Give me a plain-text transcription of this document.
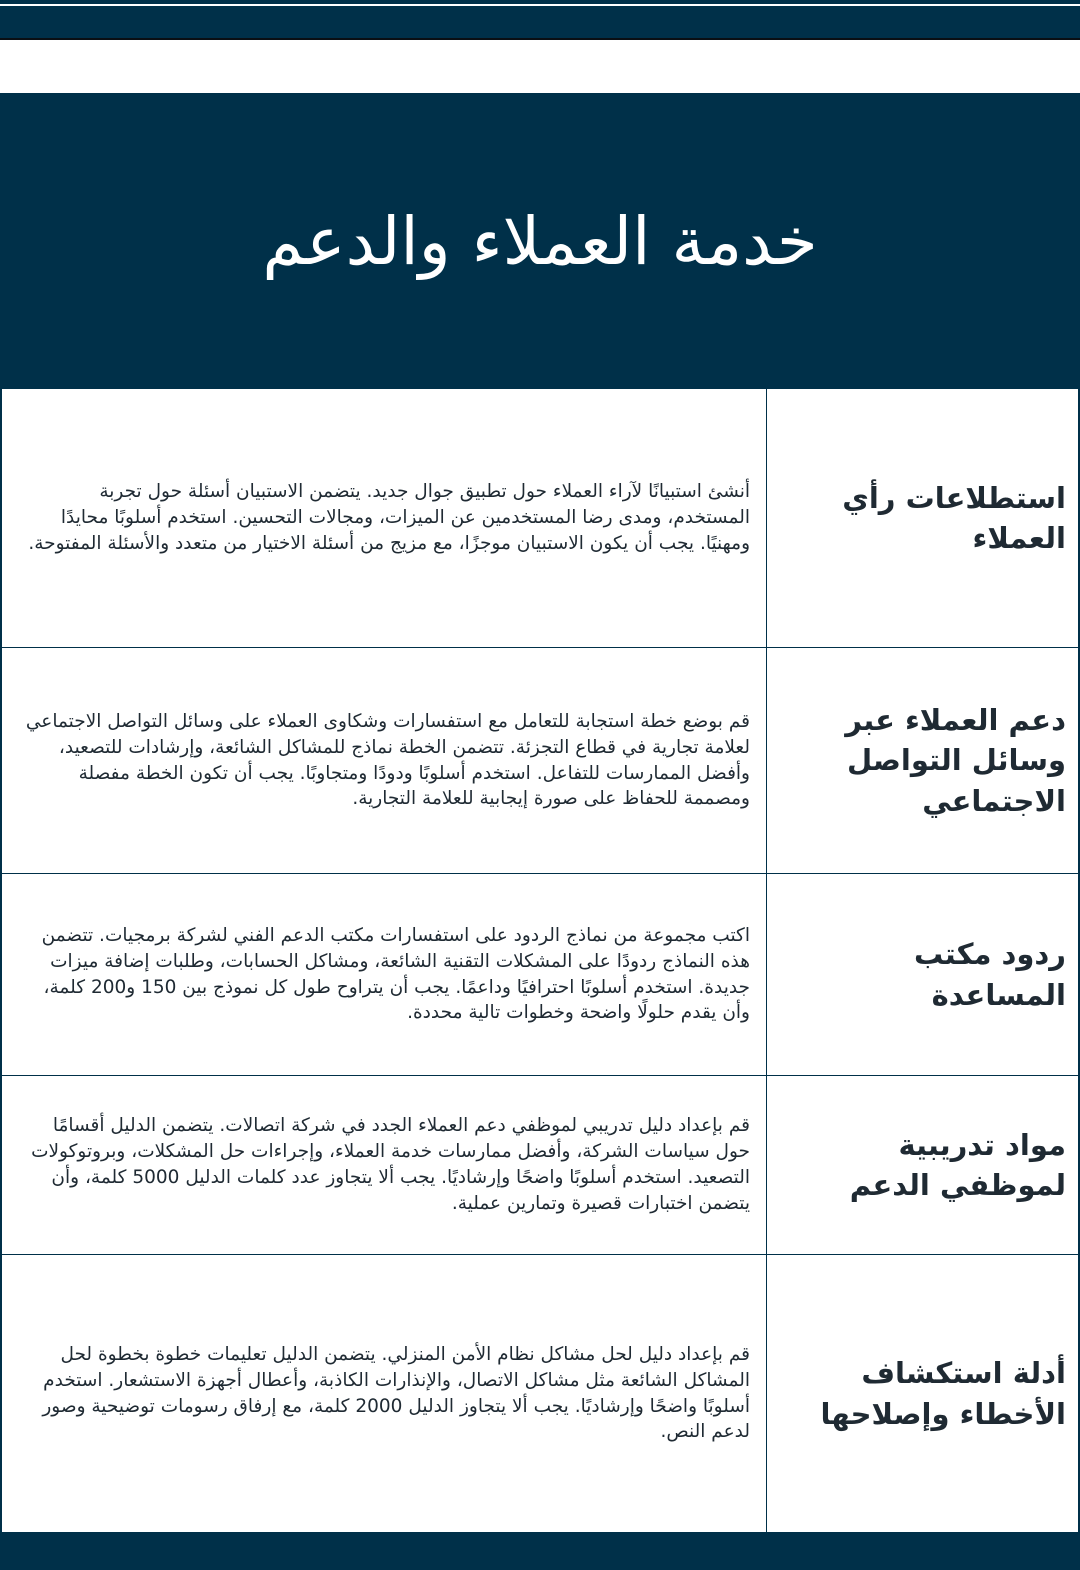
خدمة العملاء والدعم
استطلاعات رأي العملاء
أنشئ استبيانًا لآراء العملاء حول تطبيق جوال جديد. يتضمن الاستبيان أسئلة حول تجربة المستخدم، ومدى رضا المستخدمين عن الميزات، ومجالات التحسين. استخدم أسلوبًا محايدًا ومهنيًا. يجب أن يكون الاستبيان موجزًا، مع مزيج من أسئلة الاختيار من متعدد والأسئلة المفتوحة.
دعم العملاء عبر وسائل التواصل الاجتماعي
قم بوضع خطة استجابة للتعامل مع استفسارات وشكاوى العملاء على وسائل التواصل الاجتماعي لعلامة تجارية في قطاع التجزئة. تتضمن الخطة نماذج للمشاكل الشائعة، وإرشادات للتصعيد، وأفضل الممارسات للتفاعل. استخدم أسلوبًا ودودًا ومتجاوبًا. يجب أن تكون الخطة مفصلة ومصممة للحفاظ على صورة إيجابية للعلامة التجارية.
ردود مكتب المساعدة
اكتب مجموعة من نماذج الردود على استفسارات مكتب الدعم الفني لشركة برمجيات. تتضمن هذه النماذج ردودًا على المشكلات التقنية الشائعة، ومشاكل الحسابات، وطلبات إضافة ميزات جديدة. استخدم أسلوبًا احترافيًا وداعمًا. يجب أن يتراوح طول كل نموذج بين 150 و200 كلمة، وأن يقدم حلولًا واضحة وخطوات تالية محددة.
مواد تدريبية لموظفي الدعم
قم بإعداد دليل تدريبي لموظفي دعم العملاء الجدد في شركة اتصالات. يتضمن الدليل أقسامًا حول سياسات الشركة، وأفضل ممارسات خدمة العملاء، وإجراءات حل المشكلات، وبروتوكولات التصعيد. استخدم أسلوبًا واضحًا وإرشاديًا. يجب ألا يتجاوز عدد كلمات الدليل 5000 كلمة، وأن يتضمن اختبارات قصيرة وتمارين عملية.
أدلة استكشاف الأخطاء وإصلاحها
قم بإعداد دليل لحل مشاكل نظام الأمن المنزلي. يتضمن الدليل تعليمات خطوة بخطوة لحل المشاكل الشائعة مثل مشاكل الاتصال، والإنذارات الكاذبة، وأعطال أجهزة الاستشعار. استخدم أسلوبًا واضحًا وإرشاديًا. يجب ألا يتجاوز الدليل 2000 كلمة، مع إرفاق رسومات توضيحية وصور لدعم النص.
